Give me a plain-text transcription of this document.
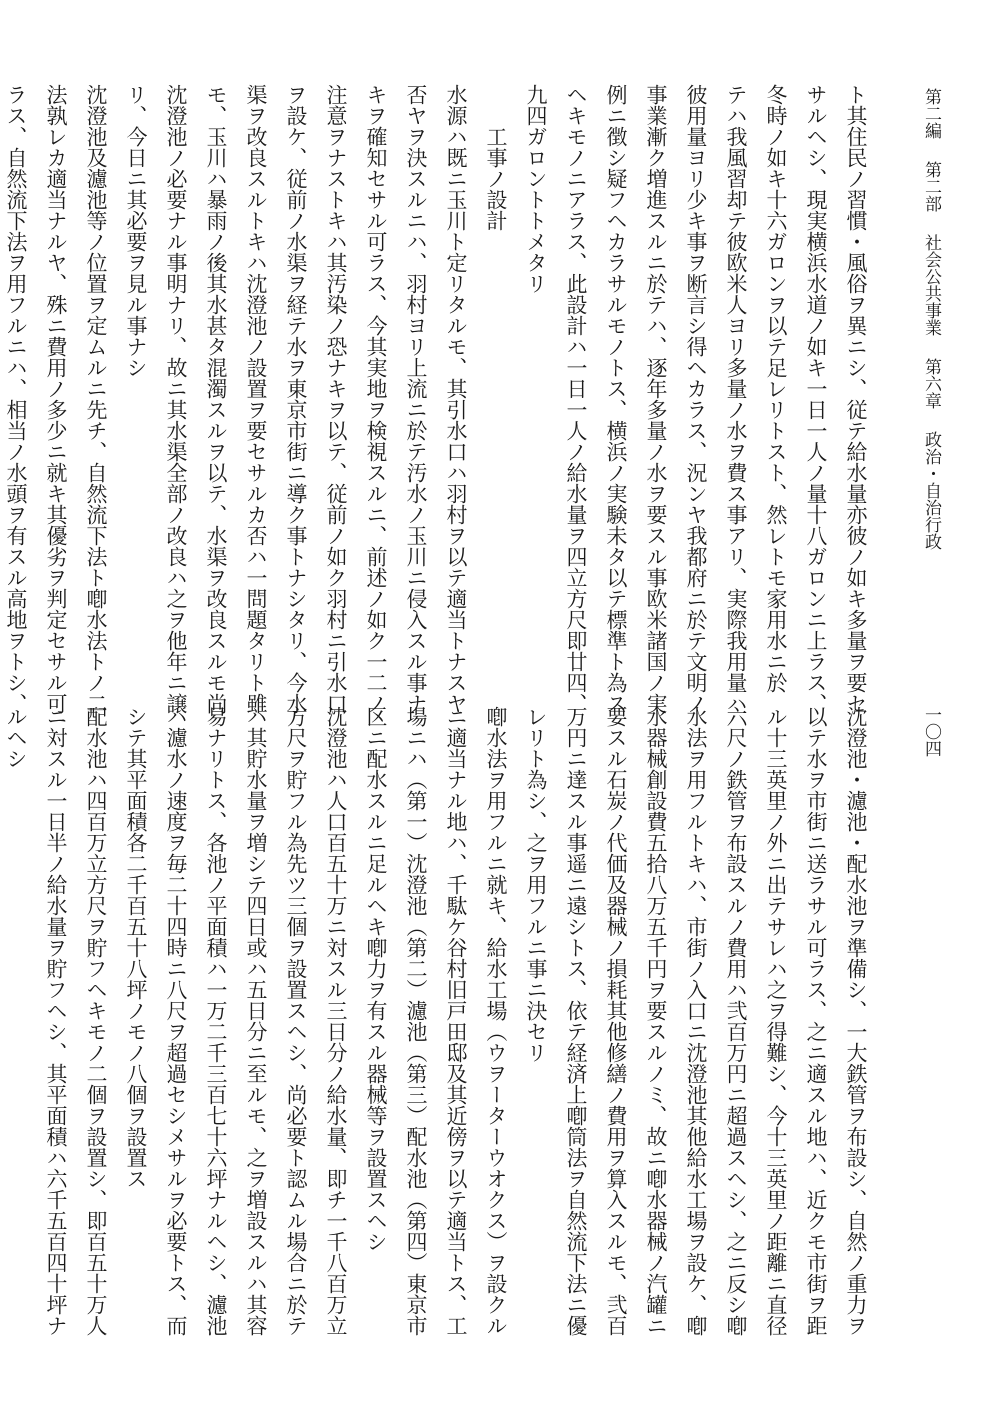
第二編第二部社会公共事業第六章政治・自治行政
一〇四
ト其住民ノ習慣・風俗ヲ異ニシ、従テ給水量亦彼ノ如キ多量ヲ要セ
サルヘシ、現実横浜水道ノ如キ一日一人ノ量十八ガロンニ上ラス、
冬時ノ如キ十六ガロンヲ以テ足レリトスト、然レトモ家用水ニ於
テハ我風習却テ彼欧米人ヨリ多量ノ水ヲ費ス事アリ、実際我用量ハ
彼用量ヨリ少キ事ヲ断言シ得ヘカラス、況ンヤ我都府ニ於テ文明ノ
事業漸ク増進スルニ於テハ、逐年多量ノ水ヲ要スル事欧米諸国ノ実
例ニ徴シ疑フヘカラサルモノトス、横浜ノ実験未タ以テ標準ト為ス
ヘキモノニアラス、此設計ハ一日一人ノ給水量ヲ四立方尺即廿四、
九四ガロントトメタリ
工事ノ設計
水源ハ既ニ玉川ト定リタルモ、其引水口ハ羽村ヲ以テ適当トナスヤ
否ヤヲ決スルニハ、羽村ヨリ上流ニ於テ汚水ノ玉川ニ侵入スル事ナ
キヲ確知セサル可ラス、今其実地ヲ検視スルニ、前述ノ如ク一二ノ
注意ヲナストキハ其汚染ノ恐ナキヲ以テ、従前ノ如ク羽村ニ引水口
ヲ設ケ、従前ノ水渠ヲ経テ水ヲ東京市街ニ導ク事トナシタリ、今水
渠ヲ改良スルトキハ沈澄池ノ設置ヲ要セサルカ否ハ一問題タリト雖
モ、玉川ハ暴雨ノ後其水甚タ混濁スルヲ以テ、水渠ヲ改良スルモ尚
沈澄池ノ必要ナル事明ナリ、故ニ其水渠全部ノ改良ハ之ヲ他年ニ譲
リ、今日ニ其必要ヲ見ル事ナシ
沈澄池及濾池等ノ位置ヲ定ムルニ先チ、自然流下法ト喞水法トノ二
法孰レカ適当ナルヤ、殊ニ費用ノ多少ニ就キ其優劣ヲ判定セサル可
ラス、自然流下法ヲ用フルニハ、相当ノ水頭ヲ有スル高地ヲトシ、
沈澄池・濾池・配水池ヲ準備シ、一大鉄管ヲ布設シ、自然ノ重力ヲ
以テ水ヲ市街ニ送ラサル可ラス、之ニ適スル地ハ、近クモ市街ヲ距
ル十三英里ノ外ニ出テサレハ之ヲ得難シ、今十三英里ノ距離ニ直径
六尺ノ鉄管ヲ布設スルノ費用ハ弐百万円ニ超過スヘシ、之ニ反シ喞
水法ヲ用フルトキハ、市街ノ入口ニ沈澄池其他給水工場ヲ設ケ、喞
水器械創設費五拾八万五千円ヲ要スルノミ、故ニ喞水器械ノ汽罐ニ
要スル石炭ノ代価及器械ノ損耗其他修繕ノ費用ヲ算入スルモ、弐百
万円ニ達スル事遥ニ遠シトス、依テ経済上喞筒法ヲ自然流下法ニ優
レリト為シ、之ヲ用フルニ事ニ決セリ
喞水法ヲ用フルニ就キ、給水工場（ウヲーターウオクス）ヲ設クル
ニ適当ナル地ハ、千駄ケ谷村旧戸田邸及其近傍ヲ以テ適当トス、工
場ニハ（第一）沈澄池（第二）濾池（第三）配水池（第四）東京市
区ニ配水スルニ足ルヘキ喞力ヲ有スル器械等ヲ設置スヘシ
沈澄池ハ人口百五十万ニ対スル三日分ノ給水量、即チ一千八百万立
方尺ヲ貯フル為先ツ三個ヲ設置スヘシ、尚必要ト認ムル場合ニ於テ
ハ其貯水量ヲ増シテ四日或ハ五日分ニ至ルモ、之ヲ増設スルハ其容
易ナリトス、各池ノ平面積ハ一万二千三百七十六坪ナルヘシ、濾池
ハ濾水ノ速度ヲ毎二十四時ニ八尺ヲ超過セシメサルヲ必要トス、而
シテ其平面積各二千百五十八坪ノモノ八個ヲ設置ス
配水池ハ四百万立方尺ヲ貯フヘキモノ二個ヲ設置シ、即百五十万人
ニ対スル一日半ノ給水量ヲ貯フヘシ、其平面積ハ六千五百四十坪ナ
ルヘシ
